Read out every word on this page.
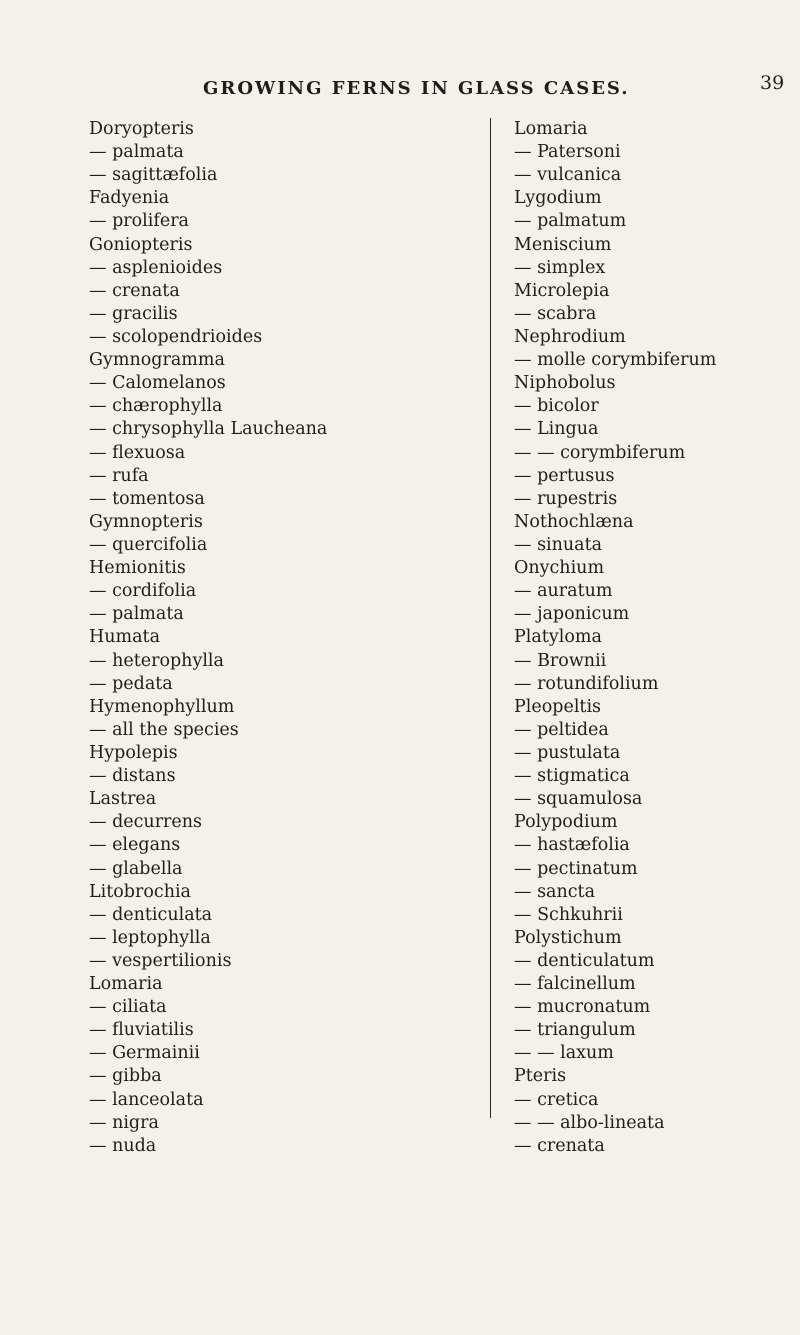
GROWING FERNS IN GLASS CASES.	39
Doryopteris
— palmata
— sagittæfolia
Fadyenia
— prolifera
Goniopteris
— asplenioides
— crenata
— gracilis
— scolopendrioides
Gymnogramma
— Calomelanos
— chærophylla
— chrysophylla Laucheana
— flexuosa
— rufa
— tomentosa
Gymnopteris
— quercifolia
Hemionitis
— cordifolia
— palmata
Humata
— heterophylla
— pedata
Hymenophyllum
— all the species
Hypolepis
— distans
Lastrea
— decurrens
— elegans
— glabella
Litobrochia
— denticulata
— leptophylla
— vespertilionis
Lomaria
— ciliata
— fluviatilis
— Germainii
— gibba
— lanceolata
— nigra
— nuda
Lomaria
— Patersoni
— vulcanica
Lygodium
— palmatum
Meniscium
— simplex
Microlepia
— scabra
Nephrodium
— molle corymbiferum
Niphobolus
— bicolor
— Lingua
— — corymbiferum
— pertusus
— rupestris
Nothochlæna
— sinuata
Onychium
— auratum
— japonicum
Platyloma
— Brownii
— rotundifolium
Pleopeltis
— peltidea
— pustulata
— stigmatica
— squamulosa
Polypodium
— hastæfolia
— pectinatum
— sancta
— Schkuhrii
Polystichum
— denticulatum
— falcinellum
— mucronatum
— triangulum
— — laxum
Pteris
— cretica
— — albo-lineata
— crenata
